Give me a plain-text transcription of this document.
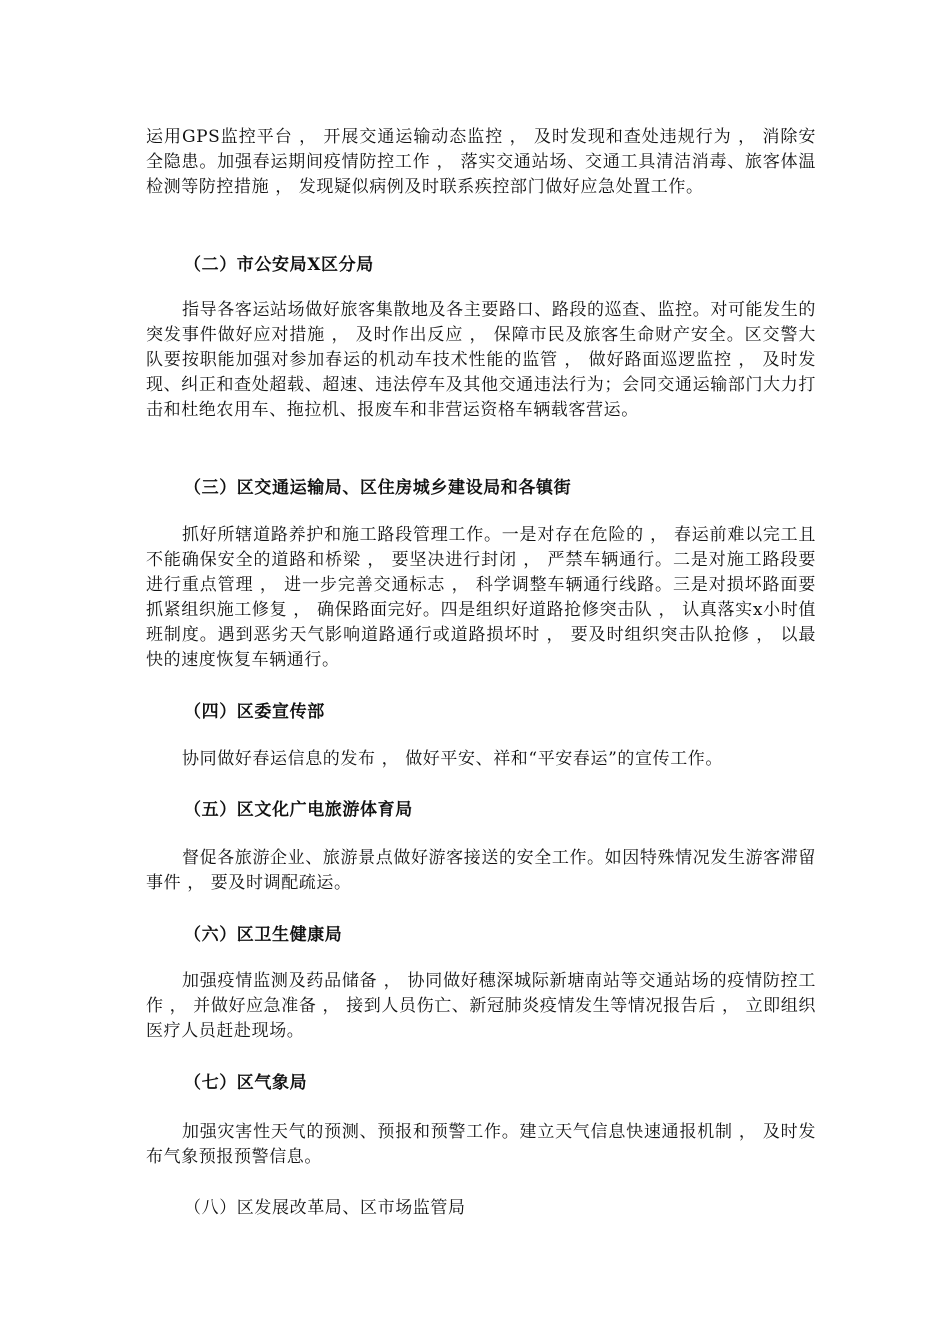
运用GPS监控平台 ， 开展交通运输动态监控 ， 及时发现和查处违规行为 ， 消除安全隐患。加强春运期间疫情防控工作 ， 落实交通站场、交通工具清洁消毒、旅客体温检测等防控措施 ， 发现疑似病例及时联系疾控部门做好应急处置工作。

（二）市公安局X区分局

指导各客运站场做好旅客集散地及各主要路口、路段的巡查、监控。对可能发生的突发事件做好应对措施 ， 及时作出反应 ， 保障市民及旅客生命财产安全。区交警大队要按职能加强对参加春运的机动车技术性能的监管 ， 做好路面巡逻监控 ， 及时发现、纠正和查处超载、超速、违法停车及其他交通违法行为；会同交通运输部门大力打击和杜绝农用车、拖拉机、报废车和非营运资格车辆载客营运。

（三）区交通运输局、区住房城乡建设局和各镇街

抓好所辖道路养护和施工路段管理工作。一是对存在危险的 ， 春运前难以完工且不能确保安全的道路和桥梁 ， 要坚决进行封闭 ， 严禁车辆通行。二是对施工路段要进行重点管理 ， 进一步完善交通标志 ， 科学调整车辆通行线路。三是对损坏路面要抓紧组织施工修复 ， 确保路面完好。四是组织好道路抢修突击队 ， 认真落实x小时值班制度。遇到恶劣天气影响道路通行或道路损坏时 ， 要及时组织突击队抢修 ， 以最快的速度恢复车辆通行。

（四）区委宣传部

协同做好春运信息的发布 ， 做好平安、祥和“平安春运”的宣传工作。

（五）区文化广电旅游体育局

督促各旅游企业、旅游景点做好游客接送的安全工作。如因特殊情况发生游客滞留事件 ， 要及时调配疏运。

（六）区卫生健康局

加强疫情监测及药品储备 ， 协同做好穗深城际新塘南站等交通站场的疫情防控工作 ， 并做好应急准备 ， 接到人员伤亡、新冠肺炎疫情发生等情况报告后 ， 立即组织医疗人员赶赴现场。

（七）区气象局

加强灾害性天气的预测、预报和预警工作。建立天气信息快速通报机制 ， 及时发布气象预报预警信息。

（八）区发展改革局、区市场监管局
